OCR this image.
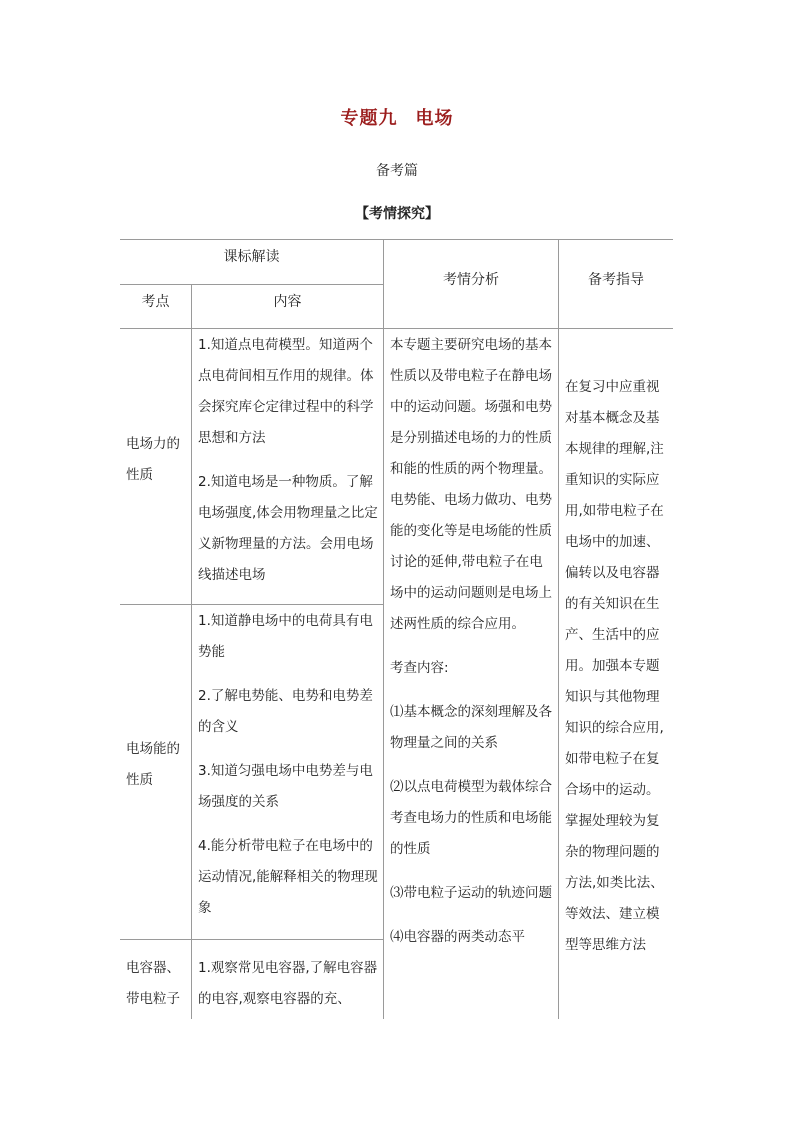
专题九 电场
备考篇
【考情探究】
课标解读
考点	内容
考情分析	备考指导
电场力的
性质

1.知道点电荷模型。知道两个点电荷间相互作用的规律。体会探究库仑定律过程中的科学思想和方法

2.知道电场是一种物质。了解电场强度,体会用物理量之比定义新物理量的方法。会用电场线描述电场

电场能的
性质

1.知道静电场中的电荷具有电势能

2.了解电势能、电势和电势差的含义

3.知道匀强电场中电势差与电场强度的关系

4.能分析带电粒子在电场中的运动情况,能解释相关的物理现象

电容器、
带电粒子

1.观察常见电容器,了解电容器的电容,观察电容器的充、

本专题主要研究电场的基本性质以及带电粒子在静电场中的运动问题。场强和电势是分别描述电场的力的性质和能的性质的两个物理量。电势能、电场力做功、电势能的变化等是电场能的性质讨论的延伸,带电粒子在电场中的运动问题则是电场上述两性质的综合应用。

考查内容:

⑴基本概念的深刻理解及各物理量之间的关系

⑵以点电荷模型为载体综合考查电场力的性质和电场能的性质

⑶带电粒子运动的轨迹问题

⑷电容器的两类动态平

在复习中应重视对基本概念及基本规律的理解,注重知识的实际应用,如带电粒子在电场中的加速、偏转以及电容器的有关知识在生产、生活中的应用。加强本专题知识与其他物理知识的综合应用,如带电粒子在复合场中的运动。掌握处理较为复杂的物理问题的方法,如类比法、等效法、建立模型等思维方法
